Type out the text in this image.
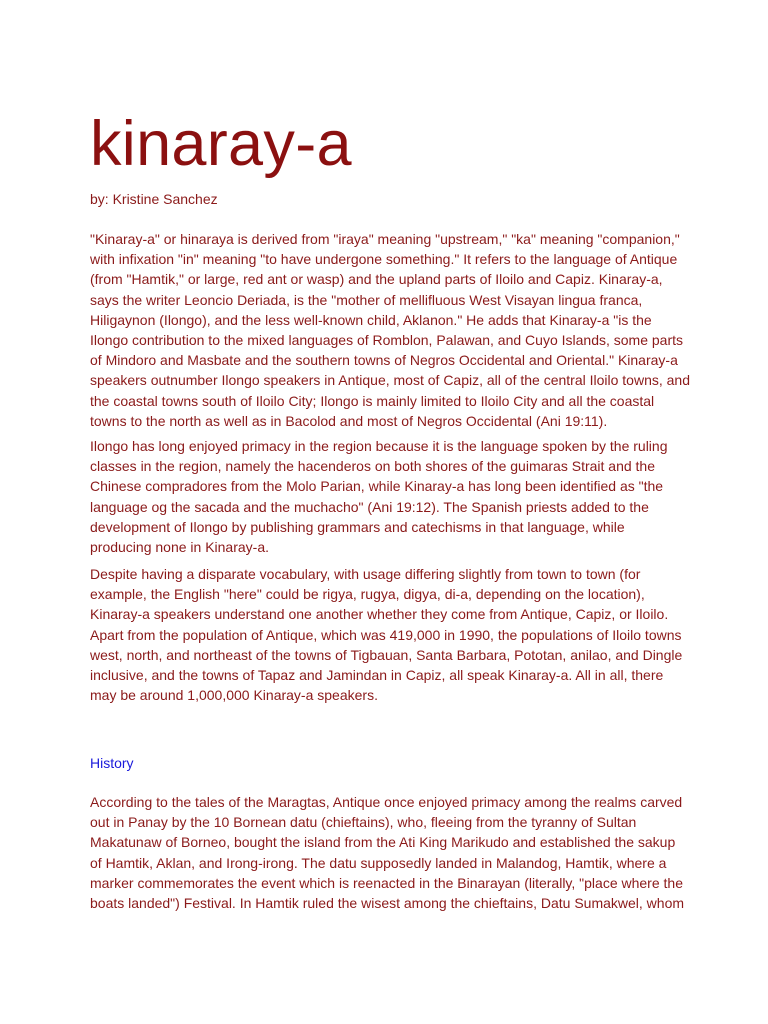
kinaray-a
by: Kristine Sanchez

"Kinaray-a" or hinaraya is derived from "iraya" meaning "upstream," "ka" meaning "companion," with infixation "in" meaning "to have undergone something." It refers to the language of Antique (from "Hamtik," or large, red ant or wasp) and the upland parts of Iloilo and Capiz. Kinaray-a, says the writer Leoncio Deriada, is the "mother of mellifluous West Visayan lingua franca, Hiligaynon (Ilongo), and the less well-known child, Aklanon." He adds that Kinaray-a "is the Ilongo contribution to the mixed languages of Romblon, Palawan, and Cuyo Islands, some parts of Mindoro and Masbate and the southern towns of Negros Occidental and Oriental." Kinaray-a speakers outnumber Ilongo speakers in Antique, most of Capiz, all of the central Iloilo towns, and the coastal towns south of Iloilo City; Ilongo is mainly limited to Iloilo City and all the coastal towns to the north as well as in Bacolod and most of Negros Occidental (Ani 19:11).

Ilongo has long enjoyed primacy in the region because it is the language spoken by the ruling classes in the region, namely the hacenderos on both shores of the guimaras Strait and the Chinese compradores from the Molo Parian, while Kinaray-a has long been identified as "the language og the sacada and the muchacho" (Ani 19:12). The Spanish priests added to the development of Ilongo by publishing grammars and catechisms in that language, while producing none in Kinaray-a.

Despite having a disparate vocabulary, with usage differing slightly from town to town (for example, the English "here" could be rigya, rugya, digya, di-a, depending on the location), Kinaray-a speakers understand one another whether they come from Antique, Capiz, or Iloilo. Apart from the population of Antique, which was 419,000 in 1990, the populations of Iloilo towns west, north, and northeast of the towns of Tigbauan, Santa Barbara, Pototan, anilao, and Dingle inclusive, and the towns of Tapaz and Jamindan in Capiz, all speak Kinaray-a. All in all, there may be around 1,000,000 Kinaray-a speakers.

History

According to the tales of the Maragtas, Antique once enjoyed primacy among the realms carved out in Panay by the 10 Bornean datu (chieftains), who, fleeing from the tyranny of Sultan Makatunaw of Borneo, bought the island from the Ati King Marikudo and established the sakup of Hamtik, Aklan, and Irong-irong. The datu supposedly landed in Malandog, Hamtik, where a marker commemorates the event which is reenacted in the Binarayan (literally, "place where the boats landed") Festival. In Hamtik ruled the wisest among the chieftains, Datu Sumakwel, whom
